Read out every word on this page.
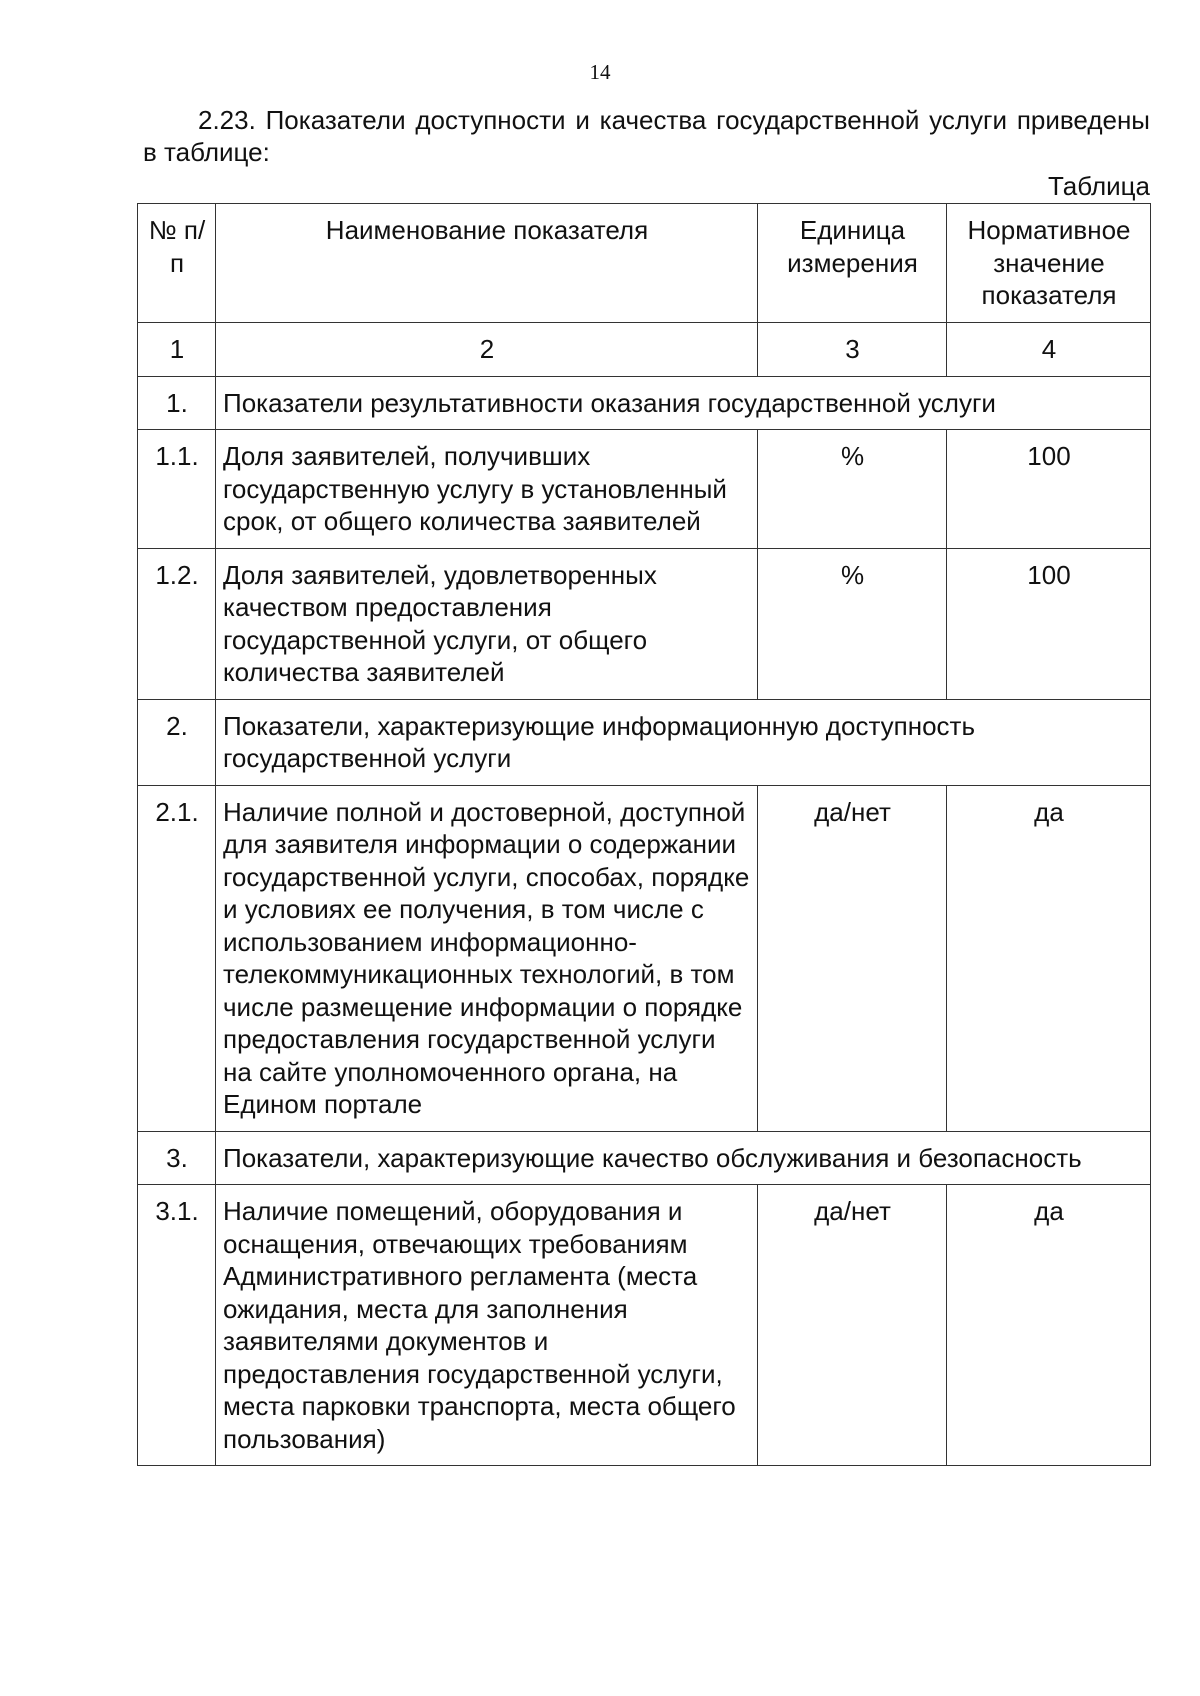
14

2.23. Показатели доступности и качества государственной услуги приведены в таблице:

Таблица
№ п/п	Наименование показателя	Единица измерения	Нормативное значение показателя
1	2	3	4
1.	Показатели результативности оказания государственной услуги		
1.1.	Доля заявителей, получивших государственную услугу в установленный срок, от общего количества заявителей	%	100
1.2.	Доля заявителей, удовлетворенных качеством предоставления государственной услуги, от общего количества заявителей	%	100
2.	Показатели, характеризующие информационную доступность государственной услуги		
2.1.	Наличие полной и достоверной, доступной для заявителя информации о содержании государственной услуги, способах, порядке и условиях ее получения, в том числе с использованием информационно-телекоммуникационных технологий, в том числе размещение информации о порядке предоставления государственной услуги на сайте уполномоченного органа, на Едином портале	да/нет	да
3.	Показатели, характеризующие качество обслуживания и безопасность		
3.1.	Наличие помещений, оборудования и оснащения, отвечающих требованиям Административного регламента (места ожидания, места для заполнения заявителями документов и предоставления государственной услуги, места парковки транспорта, места общего пользования)	да/нет	да
